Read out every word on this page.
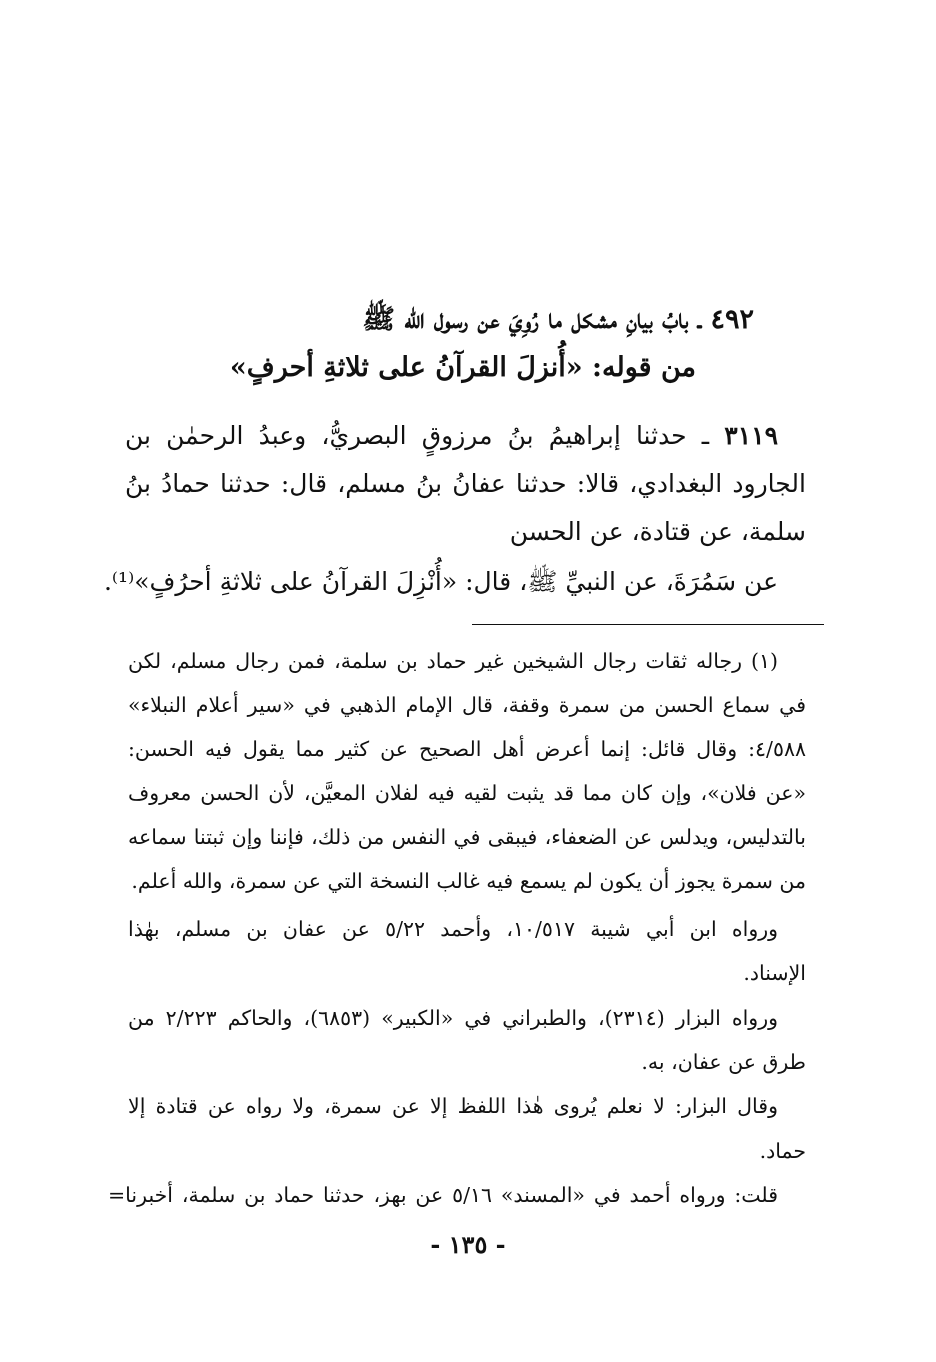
٤٩٢ ـ بابُ بيانِ مشكل ما رُوِيَ عن رسول الله ﷺ
من قوله: «أُنزلَ القرآنُ على ثلاثةِ أحرفٍ»
٣١١٩ ـ حدثنا إبراهيمُ بنُ مرزوقٍ البصريُّ، وعبدُ الرحمٰن بن
الجارود البغدادي، قالا: حدثنا عفانُ بنُ مسلم، قال: حدثنا حمادُ بنُ
سلمة، عن قتادة، عن الحسن
عن سَمُرَةَ، عن النبيِّ ﷺ، قال: «أُنْزِلَ القرآنُ على ثلاثةِ أحرُفٍ»⁽¹⁾.
(١) رجاله ثقات رجال الشيخين غير حماد بن سلمة، فمن رجال مسلم، لكن
في سماع الحسن من سمرة وقفة، قال الإمام الذهبي في «سير أعلام النبلاء»
٤/٥٨٨: وقال قائل: إنما أعرض أهل الصحيح عن كثير مما يقول فيه الحسن:
«عن فلان»، وإن كان مما قد يثبت لقيه فيه لفلان المعيَّن، لأن الحسن معروف
بالتدليس، ويدلس عن الضعفاء، فيبقى في النفس من ذلك، فإننا وإن ثبتنا سماعه
من سمرة يجوز أن يكون لم يسمع فيه غالب النسخة التي عن سمرة، والله أعلم.
ورواه ابن أبي شيبة ١٠/٥١٧، وأحمد ٥/٢٢ عن عفان بن مسلم، بهٰذا
الإسناد.
ورواه البزار (٢٣١٤)، والطبراني في «الكبير» (٦٨٥٣)، والحاكم ٢/٢٢٣ من
طرق عن عفان، به.
وقال البزار: لا نعلم يُروى هٰذا اللفظ إلا عن سمرة، ولا رواه عن قتادة إلا
حماد.
قلت: ورواه أحمد في «المسند» ٥/١٦ عن بهز، حدثنا حماد بن سلمة، أخبرنا=
- ١٣٥ -
